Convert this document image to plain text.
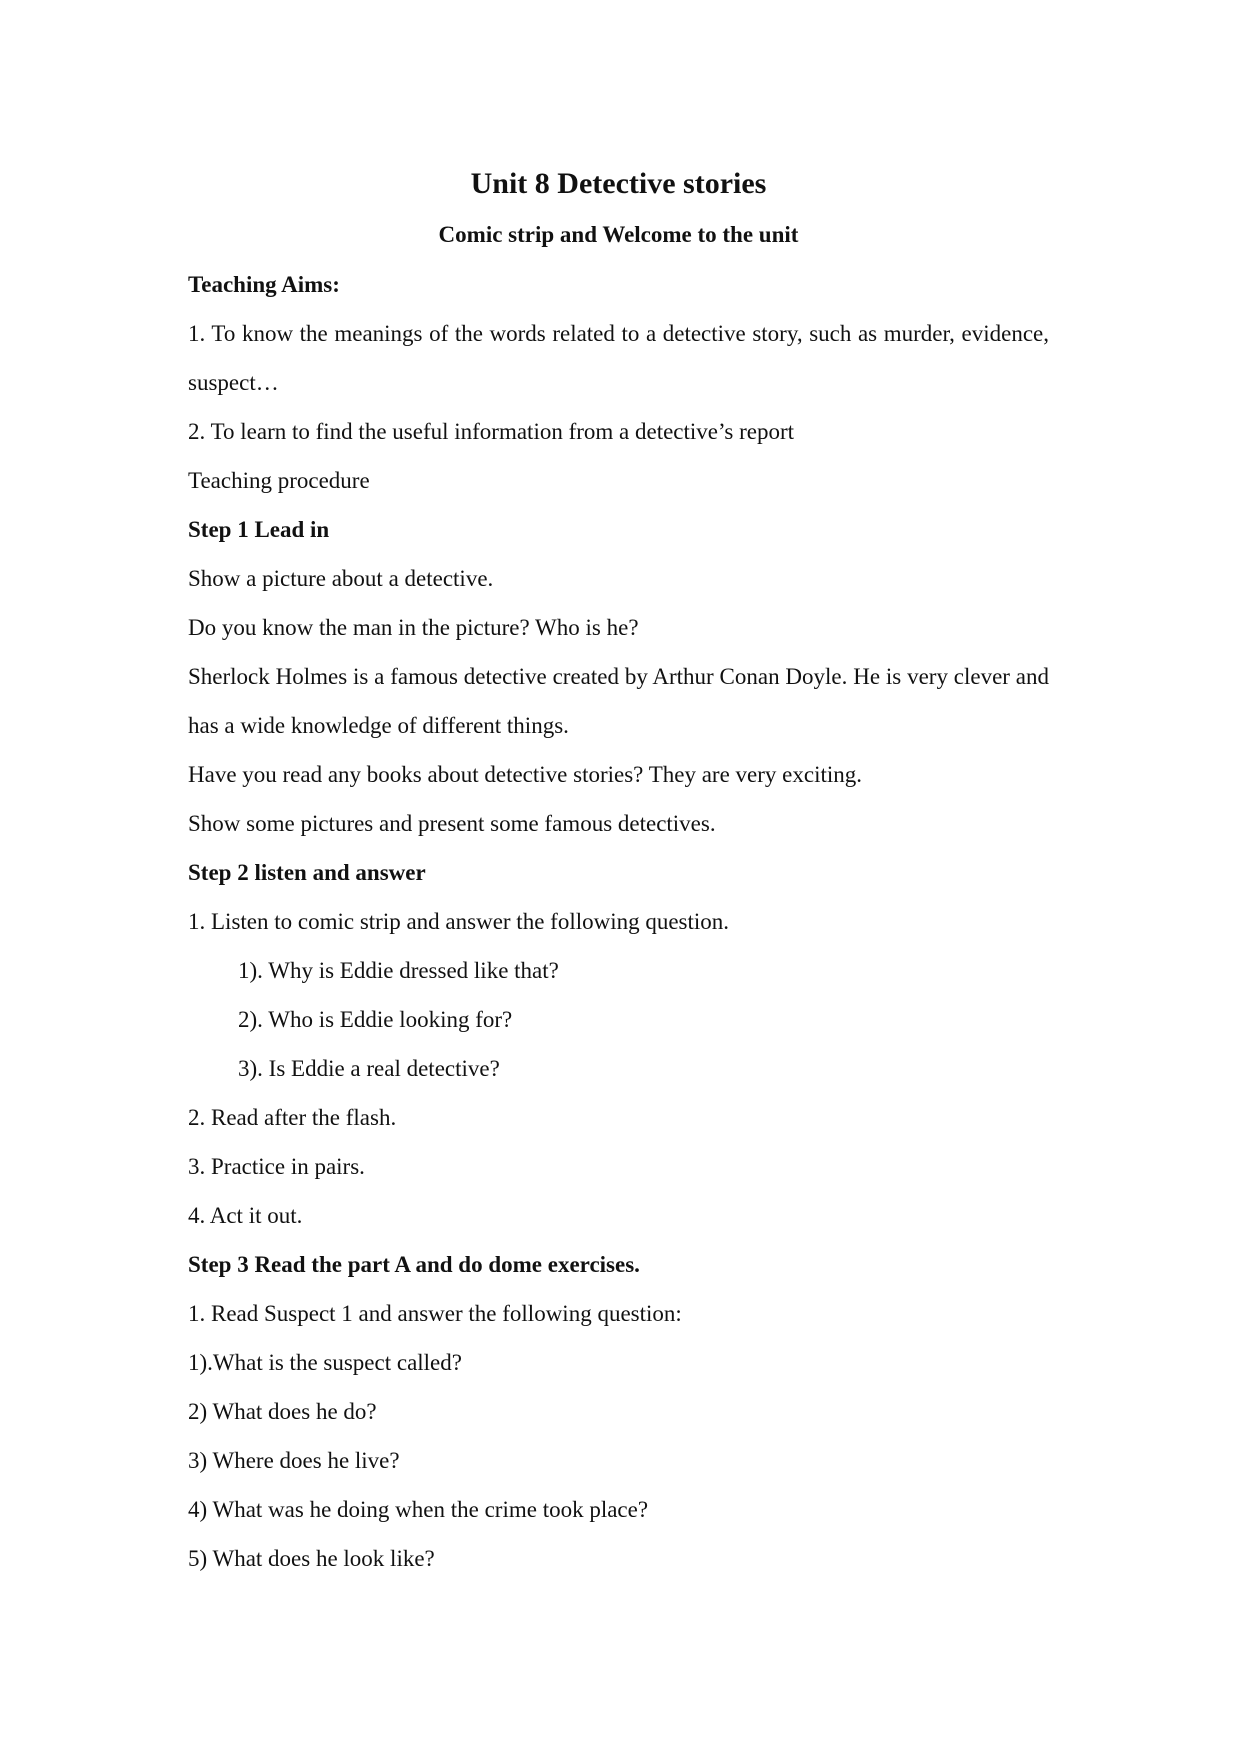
Unit 8 Detective stories

Comic strip and Welcome to the unit

Teaching Aims:

1. To know the meanings of the words related to a detective story, such as murder, evidence, suspect…

2. To learn to find the useful information from a detective’s report

Teaching procedure

Step 1 Lead in

Show a picture about a detective.

Do you know the man in the picture? Who is he?

Sherlock Holmes is a famous detective created by Arthur Conan Doyle. He is very clever and has a wide knowledge of different things.

Have you read any books about detective stories? They are very exciting.

Show some pictures and present some famous detectives.

Step 2 listen and answer

1. Listen to comic strip and answer the following question.

1). Why is Eddie dressed like that?

2). Who is Eddie looking for?

3). Is Eddie a real detective?

2. Read after the flash.

3. Practice in pairs.

4. Act it out.

Step 3 Read the part A and do dome exercises.

1. Read Suspect 1 and answer the following question:

1).What is the suspect called?

2) What does he do?

3) Where does he live?

4) What was he doing when the crime took place?

5) What does he look like?
